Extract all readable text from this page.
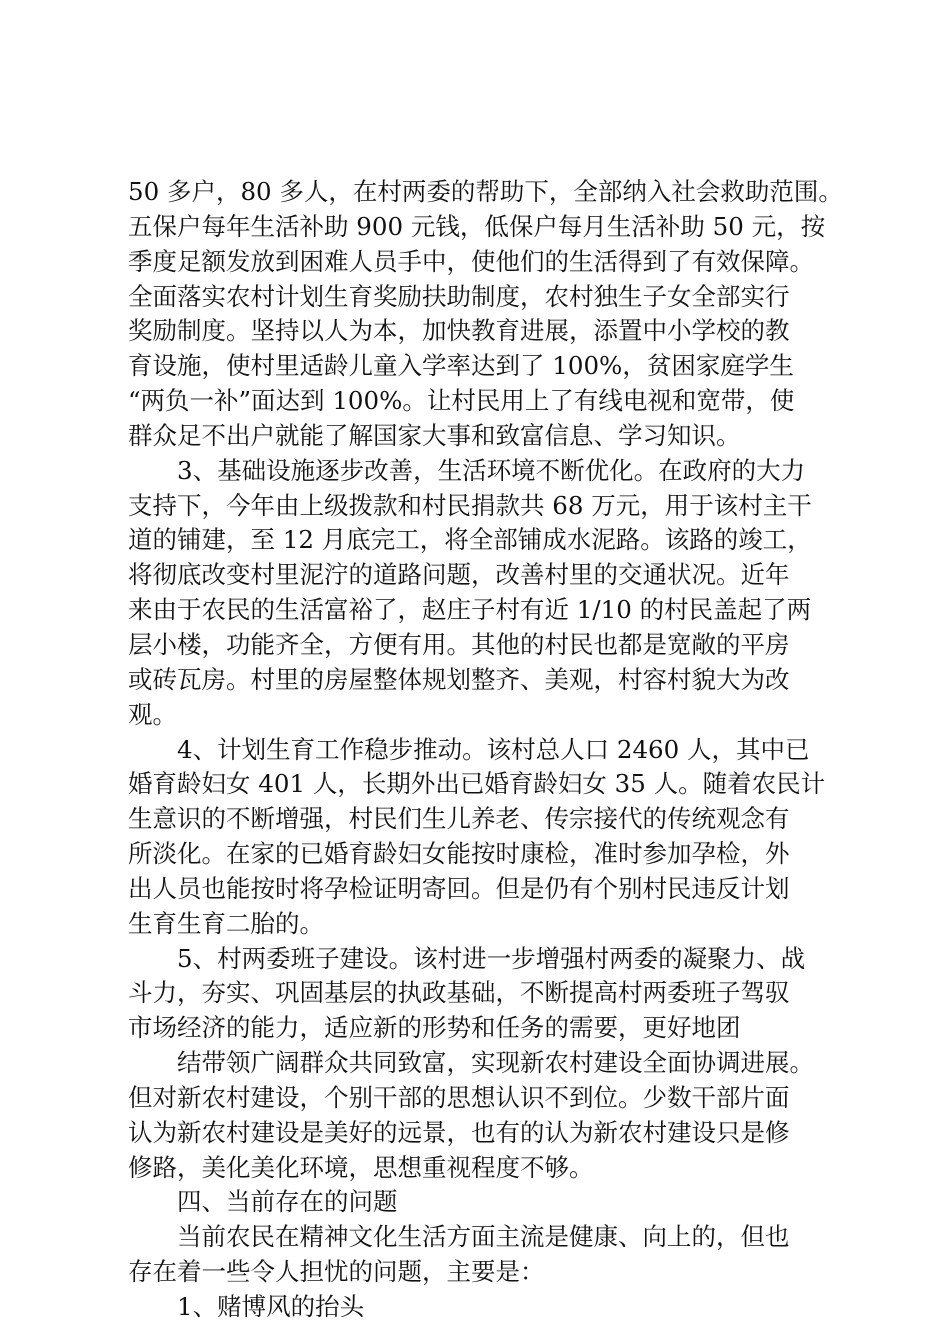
50 多户，80 多人，在村两委的帮助下，全部纳入社会救助范围。
五保户每年生活补助 900 元钱，低保户每月生活补助 50 元，按
季度足额发放到困难人员手中，使他们的生活得到了有效保障。
全面落实农村计划生育奖励扶助制度，农村独生子女全部实行
奖励制度。坚持以人为本，加快教育进展，添置中小学校的教
育设施，使村里适龄儿童入学率达到了 100%，贫困家庭学生
“两负一补”面达到 100%。让村民用上了有线电视和宽带，使
群众足不出户就能了解国家大事和致富信息、学习知识。
3、基础设施逐步改善，生活环境不断优化。在政府的大力
支持下，今年由上级拨款和村民捐款共 68 万元，用于该村主干
道的铺建，至 12 月底完工，将全部铺成水泥路。该路的竣工，
将彻底改变村里泥泞的道路问题，改善村里的交通状况。近年
来由于农民的生活富裕了，赵庄子村有近 1/10 的村民盖起了两
层小楼，功能齐全，方便有用。其他的村民也都是宽敞的平房
或砖瓦房。村里的房屋整体规划整齐、美观，村容村貌大为改
观。
4、计划生育工作稳步推动。该村总人口 2460 人，其中已
婚育龄妇女 401 人，长期外出已婚育龄妇女 35 人。随着农民计
生意识的不断增强，村民们生儿养老、传宗接代的传统观念有
所淡化。在家的已婚育龄妇女能按时康检，准时参加孕检，外
出人员也能按时将孕检证明寄回。但是仍有个别村民违反计划
生育生育二胎的。
5、村两委班子建设。该村进一步增强村两委的凝聚力、战
斗力，夯实、巩固基层的执政基础，不断提高村两委班子驾驭
市场经济的能力，适应新的形势和任务的需要，更好地团
结带领广阔群众共同致富，实现新农村建设全面协调进展。
但对新农村建设，个别干部的思想认识不到位。少数干部片面
认为新农村建设是美好的远景，也有的认为新农村建设只是修
修路，美化美化环境，思想重视程度不够。
四、当前存在的问题
当前农民在精神文化生活方面主流是健康、向上的，但也
存在着一些令人担忧的问题，主要是：
1、赌博风的抬头
